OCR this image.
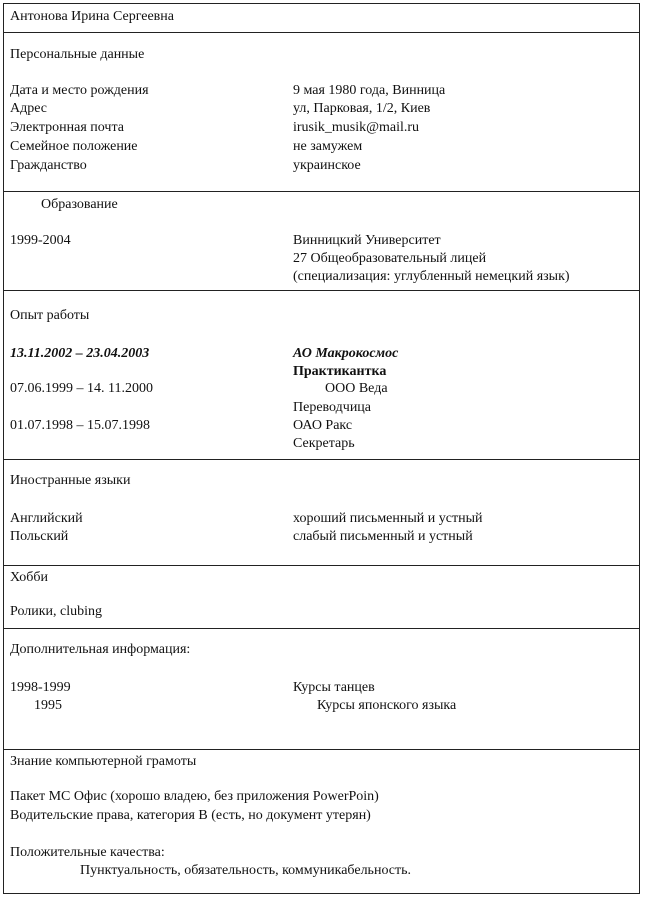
Антонова Ирина Сергеевна
Персональные данные
Дата и место рождения	9 мая 1980 года, Винница
Адрес	ул, Парковая, 1/2, Киев
Электронная почта	irusik_musik@mail.ru
Семейное положение	не замужем
Гражданство	украинское
Образование
1999-2004	Винницкий Университет
27 Общеобразовательный лицей
(специализация: углубленный немецкий язык)
Опыт работы
13.11.2002 – 23.04.2003	АО Макрокосмос
Практикантка
07.06.1999 – 14. 11.2000	ООО Веда
Переводчица
01.07.1998 – 15.07.1998	ОАО Ракс
Секретарь
Иностранные языки
Английский	хороший письменный и устный
Польский	слабый письменный и устный
Хобби
Ролики, clubing
Дополнительная информация:
1998-1999	Курсы танцев
1995	Курсы японского языка
Знание компьютерной грамоты
Пакет МС Офис (хорошо владею, без приложения PowerPoin)
Водительские права, категория В (есть, но документ утерян)
Положительные качества:
Пунктуальность, обязательность, коммуникабельность.
